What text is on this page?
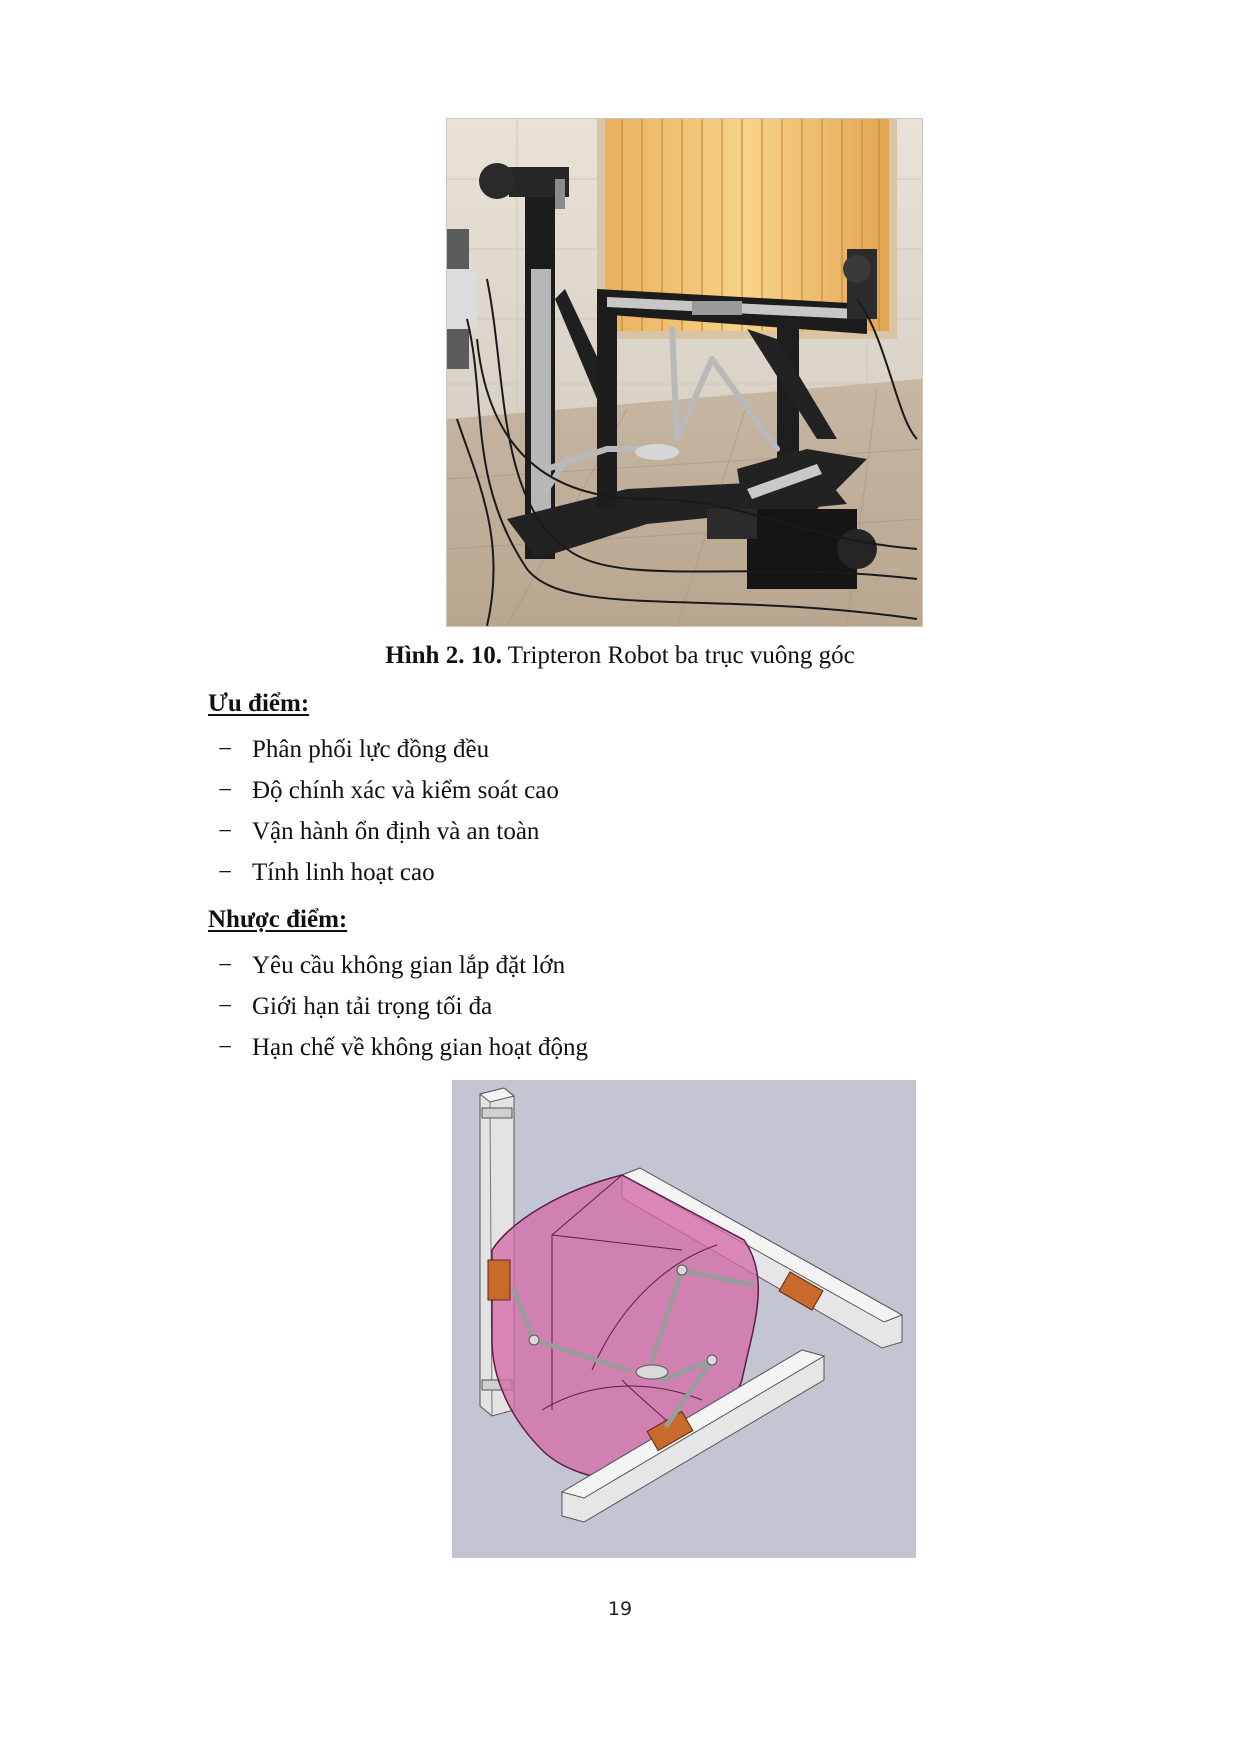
Hình 2. 10. Tripteron Robot ba trục vuông góc
Ưu điểm:
− Phân phối lực đồng đều
− Độ chính xác và kiểm soát cao
− Vận hành ổn định và an toàn
− Tính linh hoạt cao
Nhược điểm:
− Yêu cầu không gian lắp đặt lớn
− Giới hạn tải trọng tối đa
− Hạn chế về không gian hoạt động
19
